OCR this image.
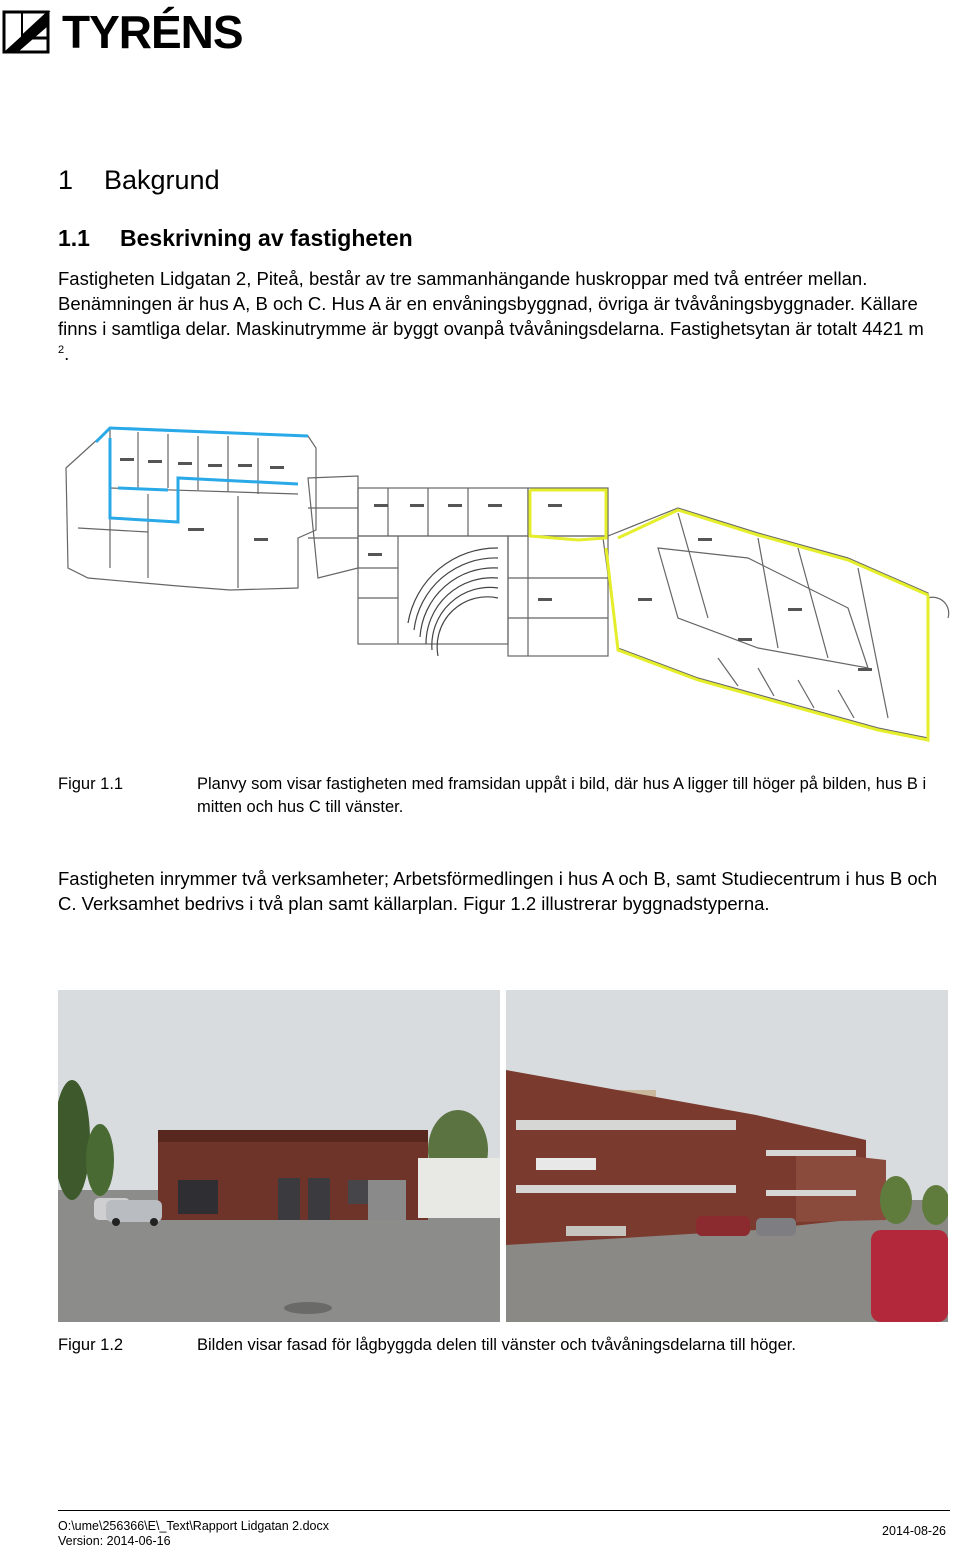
TYRÉNS
1 Bakgrund
1.1 Beskrivning av fastigheten

Fastigheten Lidgatan 2, Piteå, består av tre sammanhängande huskroppar med två entréer mellan. Benämningen är hus A, B och C. Hus A är en envåningsbyggnad, övriga är tvåvåningsbyggnader. Källare finns i samtliga delar. Maskinutrymme är byggt ovanpå tvåvåningsdelarna. Fastighetsytan är totalt 4421 m $^2$.

Figur 1.1	Planvy som visar fastigheten med framsidan uppåt i bild, där hus A ligger till höger på bilden, hus B i mitten och hus C till vänster.

Fastigheten inrymmer två verksamheter; Arbetsförmedlingen i hus A och B, samt Studiecentrum i hus B och C. Verksamhet bedrivs i två plan samt källarplan. Figur 1.2 illustrerar byggnadstyperna.

Figur 1.2	Bilden visar fasad för lågbyggda delen till vänster och tvåvåningsdelarna till höger.
O:\ume\256366\E\_Text\Rapport Lidgatan 2.docx
Version: 2014-06-16
2014-08-26
